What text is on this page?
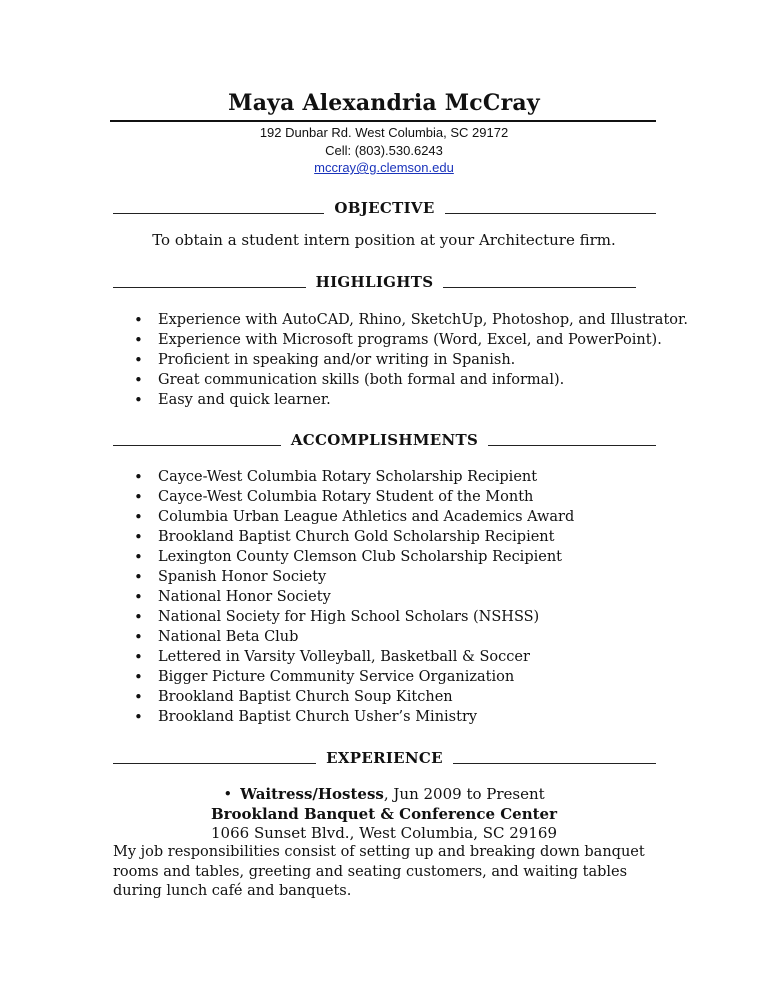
Maya Alexandria McCray
192 Dunbar Rd. West Columbia, SC 29172
Cell: (803).530.6243
mccray@g.clemson.edu
OBJECTIVE
To obtain a student intern position at your Architecture firm.
HIGHLIGHTS
• Experience with AutoCAD, Rhino, SketchUp, Photoshop, and Illustrator.
• Experience with Microsoft programs (Word, Excel, and PowerPoint).
• Proficient in speaking and/or writing in Spanish.
• Great communication skills (both formal and informal).
• Easy and quick learner.
ACCOMPLISHMENTS
• Cayce-West Columbia Rotary Scholarship Recipient
• Cayce-West Columbia Rotary Student of the Month
• Columbia Urban League Athletics and Academics Award
• Brookland Baptist Church Gold Scholarship Recipient
• Lexington County Clemson Club Scholarship Recipient
• Spanish Honor Society
• National Honor Society
• National Society for High School Scholars (NSHSS)
• National Beta Club
• Lettered in Varsity Volleyball, Basketball & Soccer
• Bigger Picture Community Service Organization
• Brookland Baptist Church Soup Kitchen
• Brookland Baptist Church Usher’s Ministry
EXPERIENCE
• Waitress/Hostess, Jun 2009 to Present
Brookland Banquet & Conference Center
1066 Sunset Blvd., West Columbia, SC 29169
My job responsibilities consist of setting up and breaking down banquet rooms and tables, greeting and seating customers, and waiting tables during lunch café and banquets.
